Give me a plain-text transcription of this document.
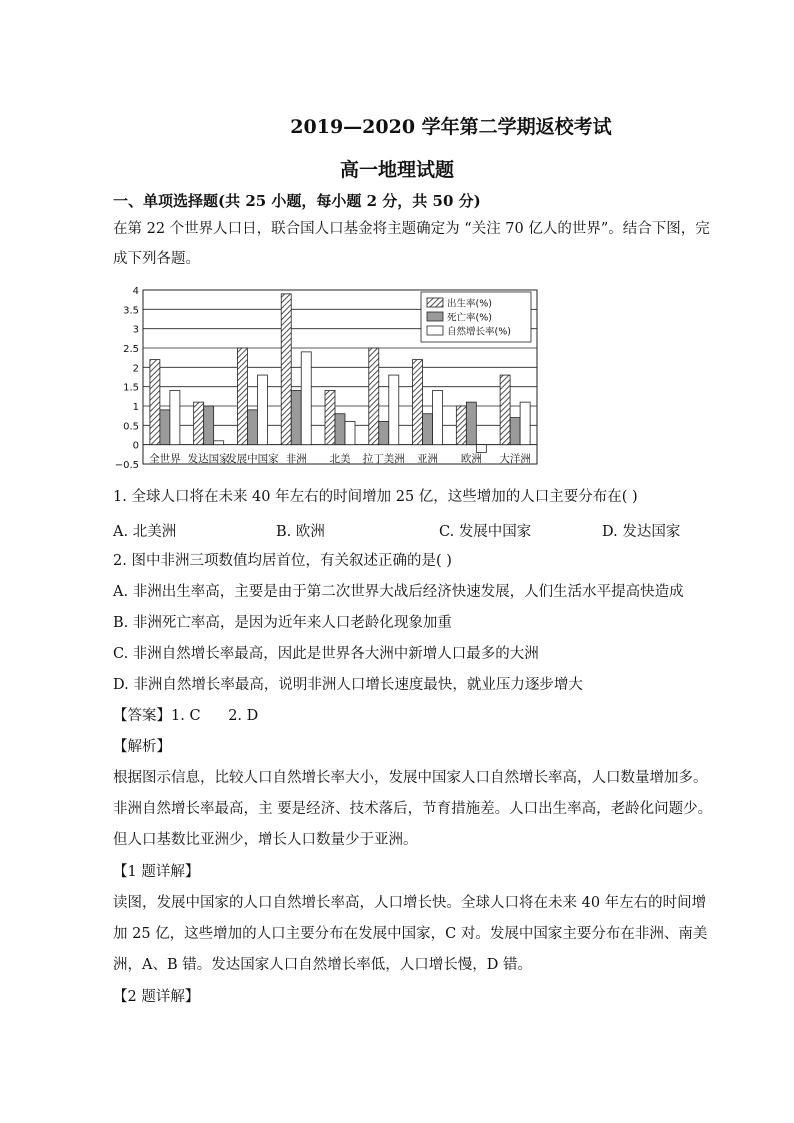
2019—2020 学年第二学期返校考试
高一地理试题
一、单项选择题(共 25 小题，每小题 2 分，共 50 分)
在第 22 个世界人口日，联合国人口基金将主题确定为 “关注 70 亿人的世界”。结合下图，完
成下列各题。
4
3.5
3
2.5
2
1.5
1
0.5
0
−0.5
全世界 发达国家
发展中国家 非洲 北美 拉丁美洲 亚洲 欧洲 大洋洲
出生率(%)
死亡率(%)
自然增长率(%)
1. 全球人口将在未来 40 年左右的时间增加 25 亿，这些增加的人口主要分布在( )
A. 北美洲	B. 欧洲	C. 发展中国家	D. 发达国家
2. 图中非洲三项数值均居首位，有关叙述正确的是( )
A. 非洲出生率高，主要是由于第二次世界大战后经济快速发展，人们生活水平提高快造成
B. 非洲死亡率高，是因为近年来人口老龄化现象加重
C. 非洲自然增长率最高，因此是世界各大洲中新增人口最多的大洲
D. 非洲自然增长率最高，说明非洲人口增长速度最快，就业压力逐步增大
【答案】1. C      2. D
【解析】
根据图示信息，比较人口自然增长率大小，发展中国家人口自然增长率高，人口数量增加多。
非洲自然增长率最高，主 要是经济、技术落后，节育措施差。人口出生率高，老龄化问题少。
但人口基数比亚洲少，增长人口数量少于亚洲。
【1 题详解】
读图，发展中国家的人口自然增长率高，人口增长快。全球人口将在未来 40 年左右的时间增
加 25 亿，这些增加的人口主要分布在发展中国家，C 对。发展中国家主要分布在非洲、南美
洲，A、B 错。发达国家人口自然增长率低，人口增长慢，D 错。
【2 题详解】
